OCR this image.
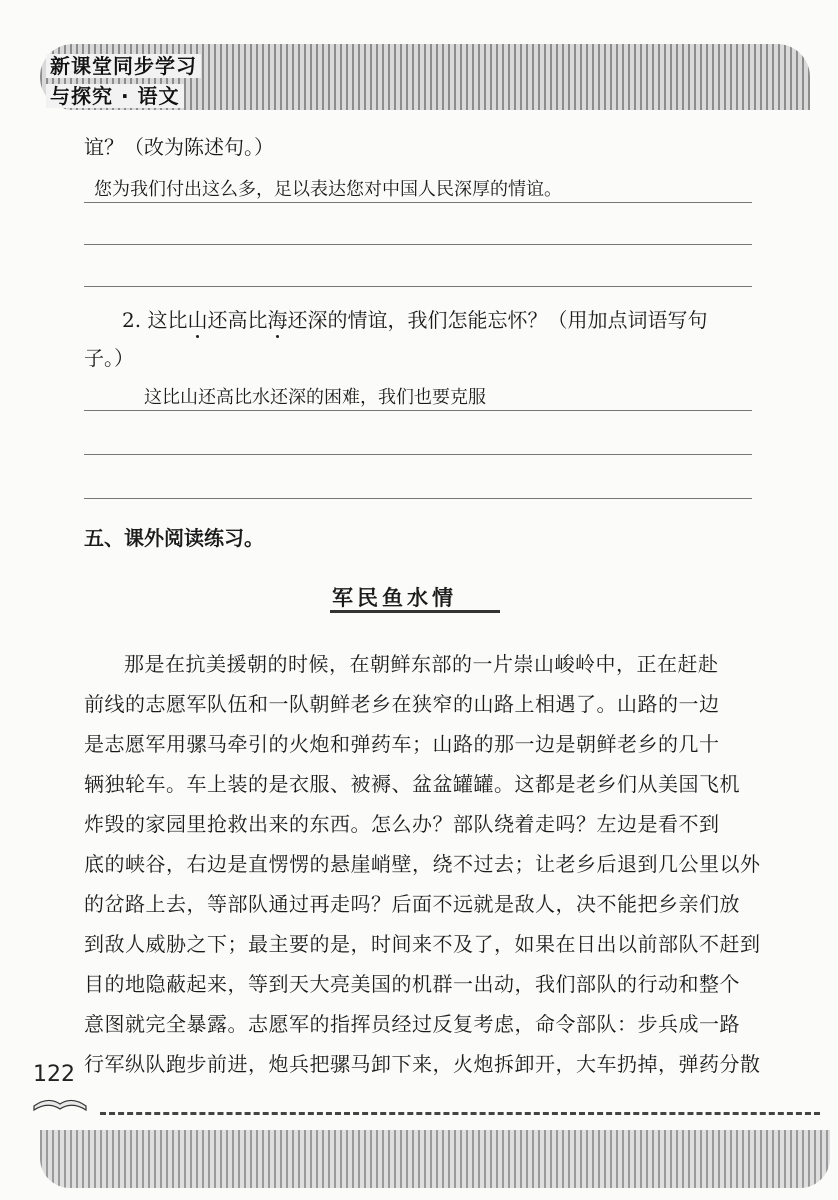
新课堂同步学习
与探究 · 语文
谊？（改为陈述句。）
您为我们付出这么多，足以表达您对中国人民深厚的情谊。
2. 这比山还高比海还深的情谊，我们怎能忘怀？（用加点词语写句
子。）
这比山还高比水还深的困难，我们也要克服
五、课外阅读练习。
军民鱼水情
那是在抗美援朝的时候，在朝鲜东部的一片崇山峻岭中，正在赶赴
前线的志愿军队伍和一队朝鲜老乡在狭窄的山路上相遇了。山路的一边
是志愿军用骡马牵引的火炮和弹药车；山路的那一边是朝鲜老乡的几十
辆独轮车。车上装的是衣服、被褥、盆盆罐罐。这都是老乡们从美国飞机
炸毁的家园里抢救出来的东西。怎么办？部队绕着走吗？左边是看不到
底的峡谷，右边是直愣愣的悬崖峭壁，绕不过去；让老乡后退到几公里以外
的岔路上去，等部队通过再走吗？后面不远就是敌人，决不能把乡亲们放
到敌人威胁之下；最主要的是，时间来不及了，如果在日出以前部队不赶到
目的地隐蔽起来，等到天大亮美国的机群一出动，我们部队的行动和整个
意图就完全暴露。志愿军的指挥员经过反复考虑，命令部队：步兵成一路
行军纵队跑步前进，炮兵把骡马卸下来，火炮拆卸开，大车扔掉，弹药分散
122
